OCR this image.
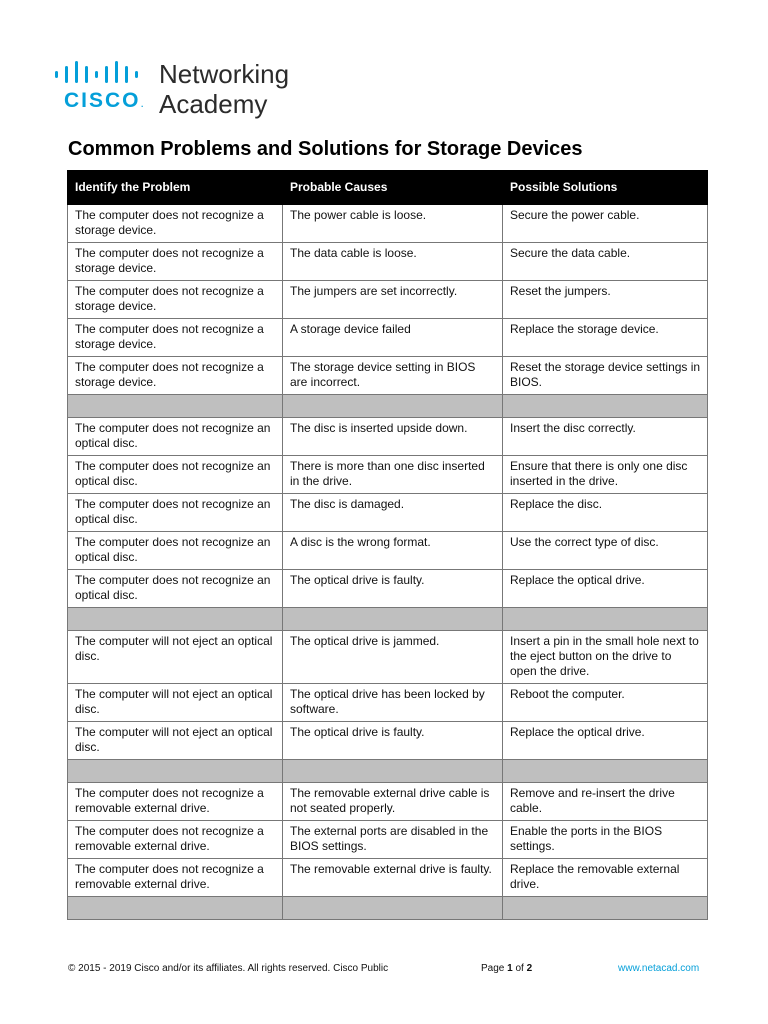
CISCO.
Networking
Academy
Common Problems and Solutions for Storage Devices
Identify the Problem	Probable Causes	Possible Solutions
The computer does not recognize a storage device.	The power cable is loose.	Secure the power cable.
The computer does not recognize a storage device.	The data cable is loose.	Secure the data cable.
The computer does not recognize a storage device.	The jumpers are set incorrectly.	Reset the jumpers.
The computer does not recognize a storage device.	A storage device failed	Replace the storage device.
The computer does not recognize a storage device.	The storage device setting in BIOS are incorrect.	Reset the storage device settings in BIOS.

The computer does not recognize an optical disc.	The disc is inserted upside down.	Insert the disc correctly.
The computer does not recognize an optical disc.	There is more than one disc inserted in the drive.	Ensure that there is only one disc inserted in the drive.
The computer does not recognize an optical disc.	The disc is damaged.	Replace the disc.
The computer does not recognize an optical disc.	A disc is the wrong format.	Use the correct type of disc.
The computer does not recognize an optical disc.	The optical drive is faulty.	Replace the optical drive.

The computer will not eject an optical disc.	The optical drive is jammed.	Insert a pin in the small hole next to the eject button on the drive to open the drive.
The computer will not eject an optical disc.	The optical drive has been locked by software.	Reboot the computer.
The computer will not eject an optical disc.	The optical drive is faulty.	Replace the optical drive.

The computer does not recognize a removable external drive.	The removable external drive cable is not seated properly.	Remove and re-insert the drive cable.
The computer does not recognize a removable external drive.	The external ports are disabled in the BIOS settings.	Enable the ports in the BIOS settings.
The computer does not recognize a removable external drive.	The removable external drive is faulty.	Replace the removable external drive.

© 2015 - 2019 Cisco and/or its affiliates. All rights reserved. Cisco Public	Page 1 of 2	www.netacad.com
